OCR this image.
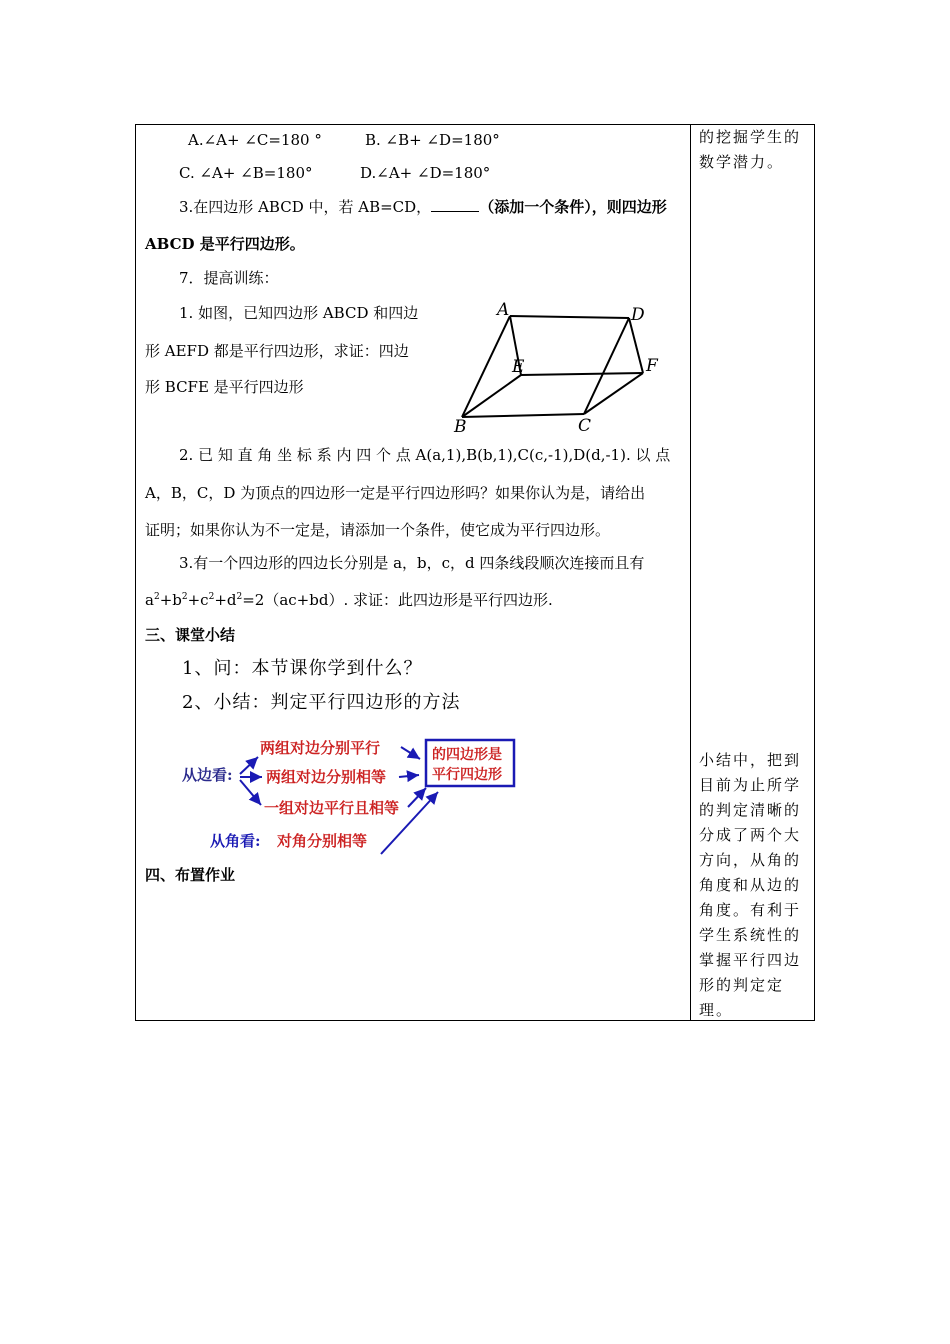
A.∠A+ ∠C=180 °	B. ∠B+ ∠D=180°
C. ∠A+ ∠B=180°	D.∠A+ ∠D=180°
3.在四边形 ABCD 中，若 AB=CD，	（添加一个条件），则四边形
ABCD 是平行四边形。
7．提高训练：
1. 如图，已知四边形 ABCD 和四边
形 AEFD 都是平行四边形，求证：四边
形 BCFE 是平行四边形
A	D
E	F
B	C
2. 已 知 直 角 坐 标 系 内 四 个 点 A(a,1),B(b,1),C(c,-1),D(d,-1). 以 点
A，B，C，D 为顶点的四边形一定是平行四边形吗？如果你认为是，请给出
证明；如果你认为不一定是，请添加一个条件，使它成为平行四边形。
3.有一个四边形的四边长分别是 a，b，c，d 四条线段顺次连接而且有
$a^2+b^2+c^2+d^2=2(ac+bd)$. 求证：此四边形是平行四边形.
三、课堂小结
1、问：本节课你学到什么？
2、小结：判定平行四边形的方法
从边看:
两组对边分别平行
两组对边分别相等
一组对边平行且相等
从角看: 对角分别相等
的四边形是
平行四边形
四、布置作业
的挖掘学生的数学潜力。
小结中，把到目前为止所学的判定清晰的分成了两个大方向，从角的角度和从边的角度。有利于学生系统性的掌握平行四边形的判定定理。
